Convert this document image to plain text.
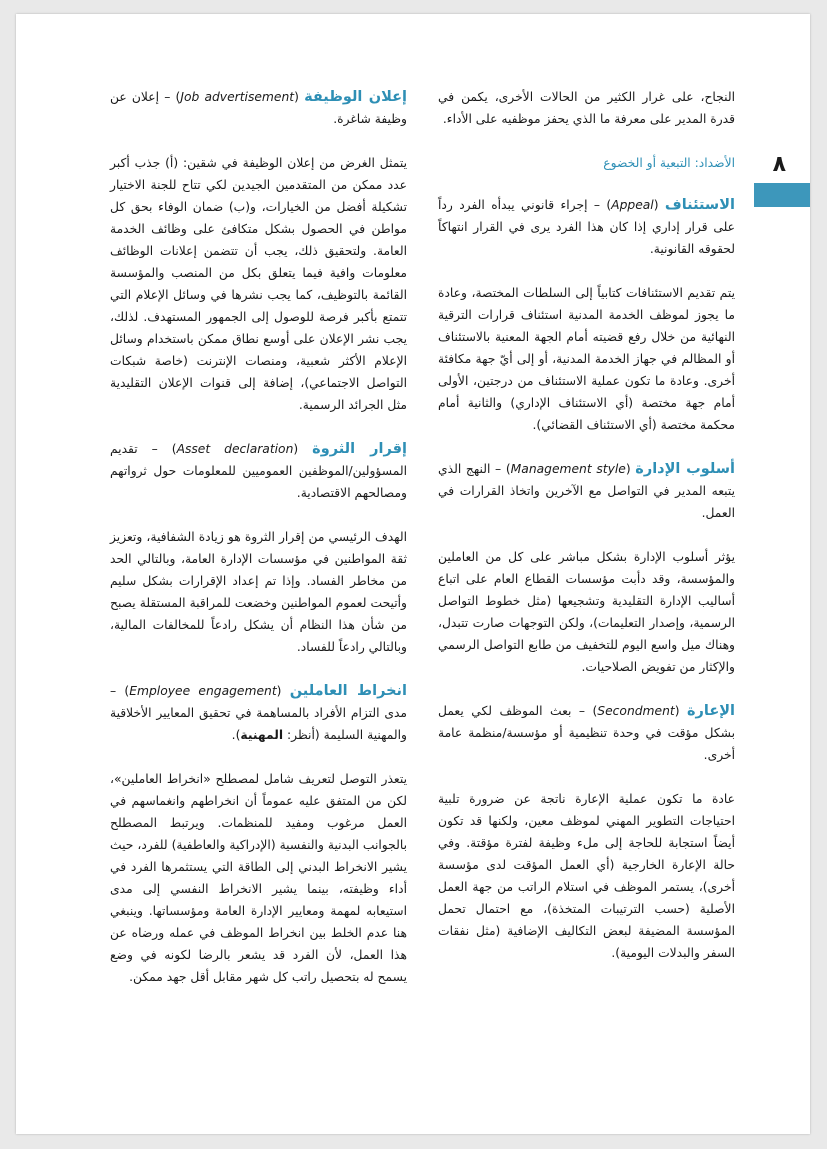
٨

النجاح، على غرار الكثير من الحالات الأخرى، يكمن في قدرة المدير على معرفة ما الذي يحفز موظفيه على الأداء.

الأضداد: التبعية أو الخضوع

الاستئناف (Appeal) – إجراء قانوني يبدأه الفرد رداً على قرار إداري إذا كان هذا الفرد يرى في القرار انتهاكاً لحقوقه القانونية.

يتم تقديم الاستئنافات كتابياً إلى السلطات المختصة، وعادة ما يجوز لموظف الخدمة المدنية استئناف قرارات الترقية النهائية من خلال رفع قضيته أمام الجهة المعنية بالاستئناف أو المظالم في جهاز الخدمة المدنية، أو إلى أيّ جهة مكافئة أخرى. وعادة ما تكون عملية الاستئناف من درجتين، الأولى أمام جهة مختصة (أي الاستئناف الإداري) والثانية أمام محكمة مختصة (أي الاستئناف القضائي).

أسلوب الإدارة (Management style) – النهج الذي يتبعه المدير في التواصل مع الآخرين واتخاذ القرارات في العمل.

يؤثر أسلوب الإدارة بشكل مباشر على كل من العاملين والمؤسسة، وقد دأبت مؤسسات القطاع العام على اتباع أساليب الإدارة التقليدية وتشجيعها (مثل خطوط التواصل الرسمية، وإصدار التعليمات)، ولكن التوجهات صارت تتبدل، وهناك ميل واسع اليوم للتخفيف من طابع التواصل الرسمي والإكثار من تفويض الصلاحيات.

الإعارة (Secondment) – بعث الموظف لكي يعمل بشكل مؤقت في وحدة تنظيمية أو مؤسسة/منظمة عامة أخرى.

عادة ما تكون عملية الإعارة ناتجة عن ضرورة تلبية احتياجات التطوير المهني لموظف معين، ولكنها قد تكون أيضاً استجابة للحاجة إلى ملء وظيفة لفترة مؤقتة. وفي حالة الإعارة الخارجية (أي العمل المؤقت لدى مؤسسة أخرى)، يستمر الموظف في استلام الراتب من جهة العمل الأصلية (حسب الترتيبات المتخذة)، مع احتمال تحمل المؤسسة المضيفة لبعض التكاليف الإضافية (مثل نفقات السفر والبدلات اليومية).

إعلان الوظيفة (Job advertisement) – إعلان عن وظيفة شاغرة.

يتمثل الغرض من إعلان الوظيفة في شقين: (أ) جذب أكبر عدد ممكن من المتقدمين الجيدين لكي تتاح للجنة الاختيار تشكيلة أفضل من الخيارات، و(ب) ضمان الوفاء بحق كل مواطن في الحصول بشكل متكافئ على وظائف الخدمة العامة. ولتحقيق ذلك، يجب أن تتضمن إعلانات الوظائف معلومات وافية فيما يتعلق بكل من المنصب والمؤسسة القائمة بالتوظيف، كما يجب نشرها في وسائل الإعلام التي تتمتع بأكبر فرصة للوصول إلى الجمهور المستهدف. لذلك، يجب نشر الإعلان على أوسع نطاق ممكن باستخدام وسائل الإعلام الأكثر شعبية، ومنصات الإنترنت (خاصة شبكات التواصل الاجتماعي)، إضافة إلى قنوات الإعلان التقليدية مثل الجرائد الرسمية.

إقرار الثروة (Asset declaration) – تقديم المسؤولين/الموظفين العموميين للمعلومات حول ثرواتهم ومصالحهم الاقتصادية.

الهدف الرئيسي من إقرار الثروة هو زيادة الشفافية، وتعزيز ثقة المواطنين في مؤسسات الإدارة العامة، وبالتالي الحد من مخاطر الفساد. وإذا تم إعداد الإقرارات بشكل سليم وأتيحت لعموم المواطنين وخضعت للمراقبة المستقلة يصبح من شأن هذا النظام أن يشكل رادعاً للمخالفات المالية، وبالتالي رادعاً للفساد.

انخراط العاملين (Employee engagement) – مدى التزام الأفراد بالمساهمة في تحقيق المعايير الأخلاقية والمهنية السليمة (أنظر: المهنية).

يتعذر التوصل لتعريف شامل لمصطلح «انخراط العاملين»، لكن من المتفق عليه عموماً أن انخراطهم وانغماسهم في العمل مرغوب ومفيد للمنظمات. ويرتبط المصطلح بالجوانب البدنية والنفسية (الإدراكية والعاطفية) للفرد، حيث يشير الانخراط البدني إلى الطاقة التي يستثمرها الفرد في أداء وظيفته، بينما يشير الانخراط النفسي إلى مدى استيعابه لمهمة ومعايير الإدارة العامة ومؤسساتها. وينبغي هنا عدم الخلط بين انخراط الموظف في عمله ورضاه عن هذا العمل، لأن الفرد قد يشعر بالرضا لكونه في وضع يسمح له بتحصيل راتب كل شهر مقابل أقل جهد ممكن.
